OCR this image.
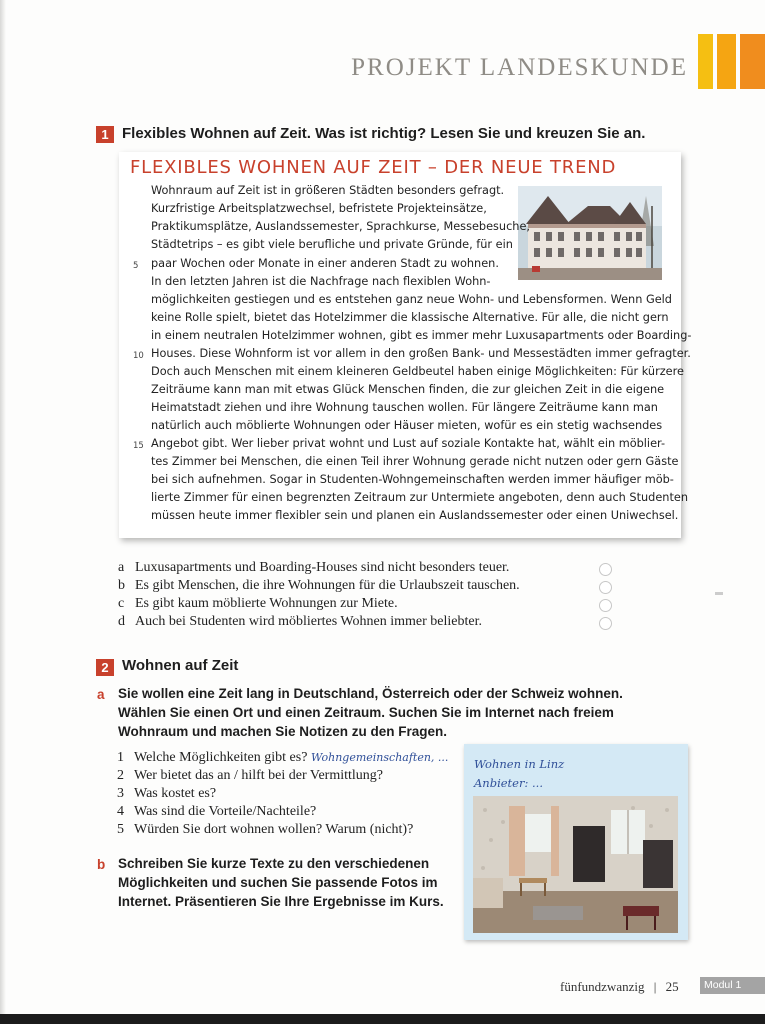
PROJEKT LANDESKUNDE
1 Flexibles Wohnen auf Zeit. Was ist richtig? Lesen Sie und kreuzen Sie an.
FLEXIBLES WOHNEN AUF ZEIT – DER NEUE TREND
Wohnraum auf Zeit ist in größeren Städten besonders gefragt.
Kurzfristige Arbeitsplatzwechsel, befristete Projekteinsätze,
Praktikumsplätze, Auslandssemester, Sprachkurse, Messebesuche,
Städtetrips – es gibt viele berufliche und private Gründe, für ein
5 paar Wochen oder Monate in einer anderen Stadt zu wohnen.
In den letzten Jahren ist die Nachfrage nach flexiblen Wohn-
möglichkeiten gestiegen und es entstehen ganz neue Wohn- und Lebensformen. Wenn Geld
keine Rolle spielt, bietet das Hotelzimmer die klassische Alternative. Für alle, die nicht gern
in einem neutralen Hotelzimmer wohnen, gibt es immer mehr Luxusapartments oder Boarding-
10 Houses. Diese Wohnform ist vor allem in den großen Bank- und Messestädten immer gefragter.
Doch auch Menschen mit einem kleineren Geldbeutel haben einige Möglichkeiten: Für kürzere
Zeiträume kann man mit etwas Glück Menschen finden, die zur gleichen Zeit in die eigene
Heimatstadt ziehen und ihre Wohnung tauschen wollen. Für längere Zeiträume kann man
natürlich auch möblierte Wohnungen oder Häuser mieten, wofür es ein stetig wachsendes
15 Angebot gibt. Wer lieber privat wohnt und Lust auf soziale Kontakte hat, wählt ein möblier-
tes Zimmer bei Menschen, die einen Teil ihrer Wohnung gerade nicht nutzen oder gern Gäste
bei sich aufnehmen. Sogar in Studenten-Wohngemeinschaften werden immer häufiger möb-
lierte Zimmer für einen begrenzten Zeitraum zur Untermiete angeboten, denn auch Studenten
müssen heute immer flexibler sein und planen ein Auslandssemester oder einen Uniwechsel.
a Luxusapartments und Boarding-Houses sind nicht besonders teuer.
b Es gibt Menschen, die ihre Wohnungen für die Urlaubszeit tauschen.
c Es gibt kaum möblierte Wohnungen zur Miete.
d Auch bei Studenten wird möbliertes Wohnen immer beliebter.
2 Wohnen auf Zeit
a Sie wollen eine Zeit lang in Deutschland, Österreich oder der Schweiz wohnen.
Wählen Sie einen Ort und einen Zeitraum. Suchen Sie im Internet nach freiem
Wohnraum und machen Sie Notizen zu den Fragen.
1 Welche Möglichkeiten gibt es? Wohngemeinschaften, ...
2 Wer bietet das an / hilft bei der Vermittlung?
3 Was kostet es?
4 Was sind die Vorteile/Nachteile?
5 Würden Sie dort wohnen wollen? Warum (nicht)?
Wohnen in Linz
Anbieter: ...
b Schreiben Sie kurze Texte zu den verschiedenen
Möglichkeiten und suchen Sie passende Fotos im
Internet. Präsentieren Sie Ihre Ergebnisse im Kurs.
fünfundzwanzig | 25	Modul 1
